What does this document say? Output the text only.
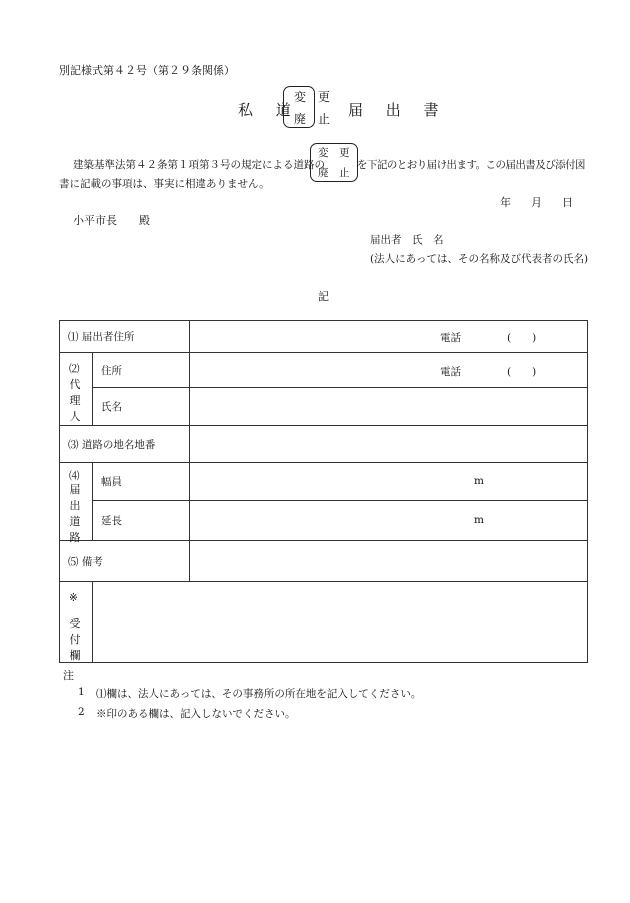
別記様式第４２号（第２９条関係）
私 道
変　更
廃　止 届 出 書
建築基準法第４２条第１項第３号の規定による道路の
変　更
廃　止
を下記のとおり届け出ます。この届出書及び添付図
書に記載の事項は、事実に相違ありません。
年 月 日
小平市長　　殿
届出者　氏　名
(法人にあっては、その名称及び代表者の氏名)
記
⑴ 届出者住所		電話 (　　)

⑵
代理人	住所	電話 (　　)

	氏名	
⑶ 道路の地名地番		

⑷
届出道路	幅員	m

	延長	m

⑸ 備考		

※
受付欄		

注
1 ⑴欄は、法人にあっては、その事務所の所在地を記入してください。
2 ※印のある欄は、記入しないでください。
